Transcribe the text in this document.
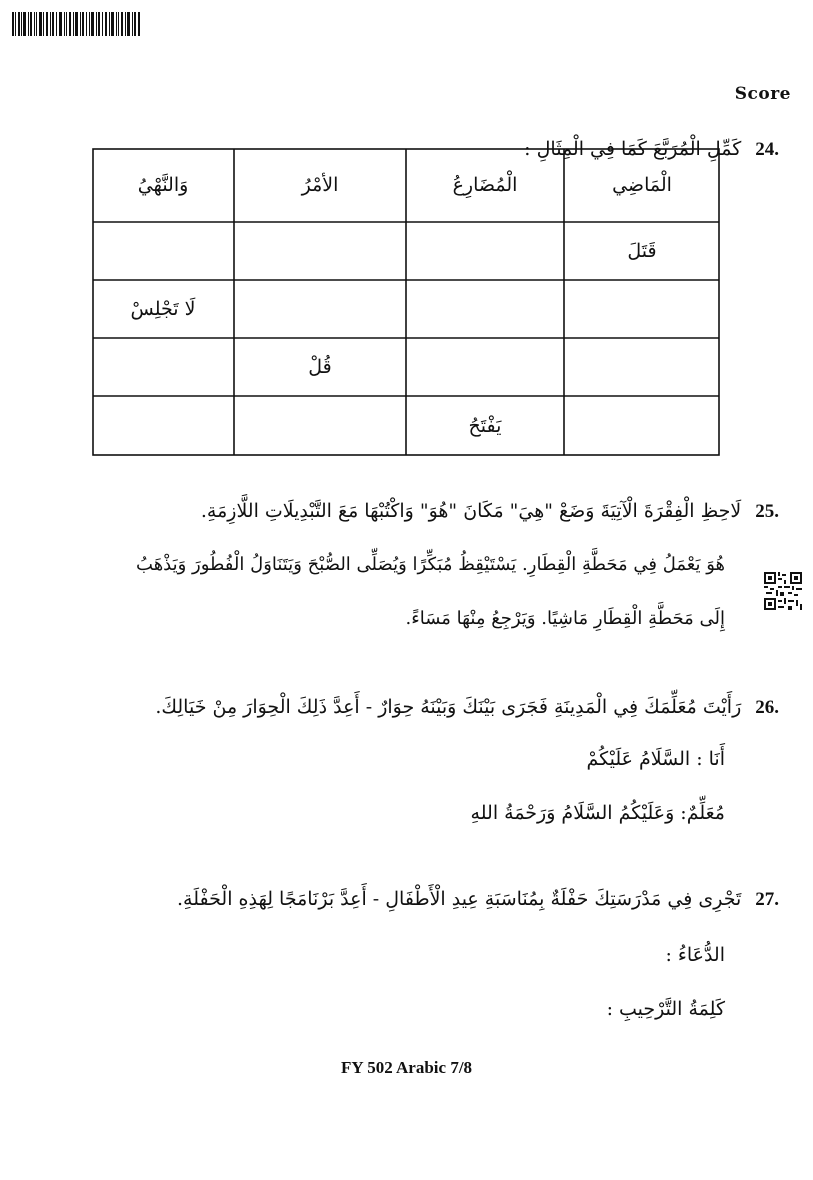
Score
.24كَمِّلِ الْمُرَبَّعَ كَمَا فِي الْمِثَالِ :
الْمَاضِي
الْمُضَارِعُ
الأمْرُ
وَالنَّهْيُ
قَتَلَ
لَا تَجْلِسْ
قُلْ
يَفْتَحُ
.25لَاحِظِ الْفِقْرَةَ الْآتِيَةَ وَضَعْ "هِيَ" مَكَانَ "هُوَ" وَاكْتُبْهَا مَعَ التَّبْدِيلَاتِ اللَّازِمَةِ.
هُوَ يَعْمَلُ فِي مَحَطَّةِ الْقِطَارِ. يَسْتَيْقِظُ مُبَكِّرًا وَيُصَلِّى الصُّبْحَ وَيَتَنَاوَلُ الْفُطُورَ وَيَذْهَبُ
إِلَى مَحَطَّةِ الْقِطَارِ مَاشِيًا. وَيَرْجِعُ مِنْهَا مَسَاءً.
.26رَأَيْتَ مُعَلِّمَكَ فِي الْمَدِينَةِ فَجَرَى بَيْنَكَ وَبَيْنَهُ حِوَارٌ - أَعِدَّ ذَلِكَ الْحِوَارَ مِنْ خَيَالِكَ.
أَنَا : السَّلَامُ عَلَيْكُمْ
مُعَلِّمٌ: وَعَلَيْكُمُ السَّلَامُ وَرَحْمَةُ اللهِ
.27تَجْرِى فِي مَدْرَسَتِكَ حَفْلَةٌ بِمُنَاسَبَةِ عِيدِ الْأَطْفَالِ - أَعِدَّ بَرْنَامَجًا لِهَذِهِ الْحَفْلَةِ.
الدُّعَاءُ :
كَلِمَةُ التَّرْحِيبِ :
FY 502 Arabic 7/8
